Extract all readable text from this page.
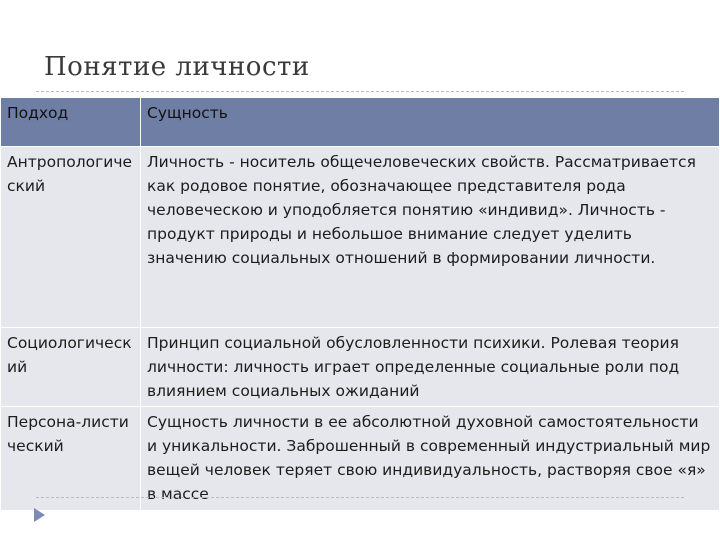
Понятие личности
Подход	Сущность
Антропологический	Личность - носитель общечеловеческих свойств. Рассматривается как родовое понятие, обозначающее представителя рода человеческою и уподобляется понятию «индивид». Личность - продукт природы и небольшое внимание следует уделить значению социальных отношений в формировании личности.
Социологический	Принцип социальной обусловленности психики. Ролевая теория личности: личность играет определенные социальные роли под влиянием социальных ожиданий
Персона-листический	Сущность личности в ее абсолютной духовной самостоятельности и уникальности. Заброшенный в современный индустриальный мир вещей человек теряет свою индивидуальность, растворяя свое «я» в массе
